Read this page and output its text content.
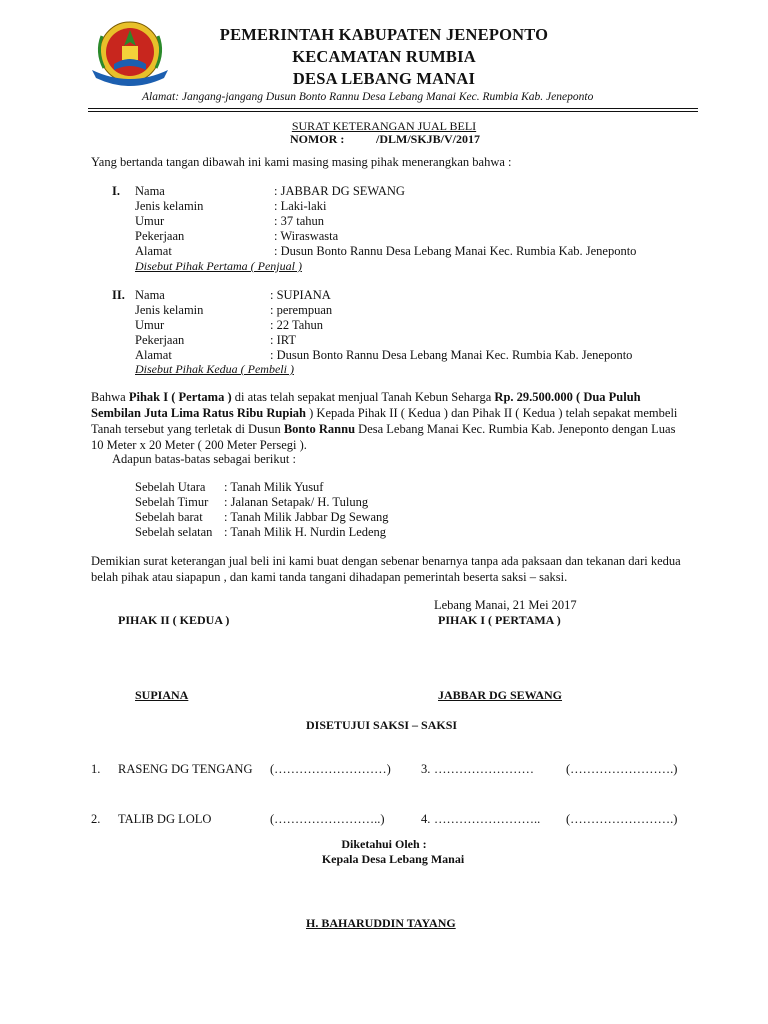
PEMERINTAH KABUPATEN JENEPONTO
KECAMATAN RUMBIA
DESA LEBANG MANAI
Alamat: Jangang-jangang Dusun Bonto Rannu Desa Lebang Manai Kec. Rumbia Kab. Jeneponto
SURAT KETERANGAN JUAL BELI
NOMOR :	/DLM/SKJB/V/2017
Yang bertanda tangan dibawah ini kami masing masing pihak menerangkan bahwa :
I. Nama	: JABBAR DG SEWANG
Jenis kelamin	: Laki-laki
Umur	: 37 tahun
Pekerjaan	: Wiraswasta
Alamat	: Dusun Bonto Rannu Desa Lebang Manai Kec. Rumbia Kab. Jeneponto
Disebut Pihak Pertama ( Penjual )
II. Nama	: SUPIANA
Jenis kelamin	: perempuan
Umur	: 22 Tahun
Pekerjaan	: IRT
Alamat	: Dusun Bonto Rannu Desa Lebang Manai Kec. Rumbia Kab. Jeneponto
Disebut Pihak Kedua ( Pembeli )
Bahwa Pihak I ( Pertama ) di atas telah sepakat menjual Tanah Kebun Seharga Rp. 29.500.000 ( Dua Puluh Sembilan Juta Lima Ratus Ribu Rupiah ) Kepada Pihak II ( Kedua ) dan Pihak II ( Kedua ) telah sepakat membeli Tanah tersebut yang terletak di Dusun Bonto Rannu Desa Lebang Manai Kec. Rumbia Kab. Jeneponto dengan Luas 10 Meter x 20 Meter ( 200 Meter Persegi ).
Adapun batas-batas sebagai berikut :
Sebelah Utara : Tanah Milik Yusuf
Sebelah Timur : Jalanan Setapak/ H. Tulung
Sebelah barat : Tanah Milik Jabbar Dg Sewang
Sebelah selatan : Tanah Milik H. Nurdin Ledeng
Demikian surat keterangan jual beli ini kami buat dengan sebenar benarnya tanpa ada paksaan dan tekanan dari kedua belah pihak atau siapapun , dan kami tanda tangani dihadapan pemerintah beserta saksi – saksi.
Lebang Manai, 21 Mei 2017
PIHAK II ( KEDUA )	PIHAK I ( PERTAMA )
SUPIANA	JABBAR DG SEWANG
DISETUJUI SAKSI – SAKSI
1. RASENG DG TENGANG (………………………) 3. ……………………	(…………………….)
2. TALIB DG LOLO	(……………………..)	4. …………………….. (…………………….)
Diketahui Oleh :
Kepala Desa Lebang Manai
H. BAHARUDDIN TAYANG
